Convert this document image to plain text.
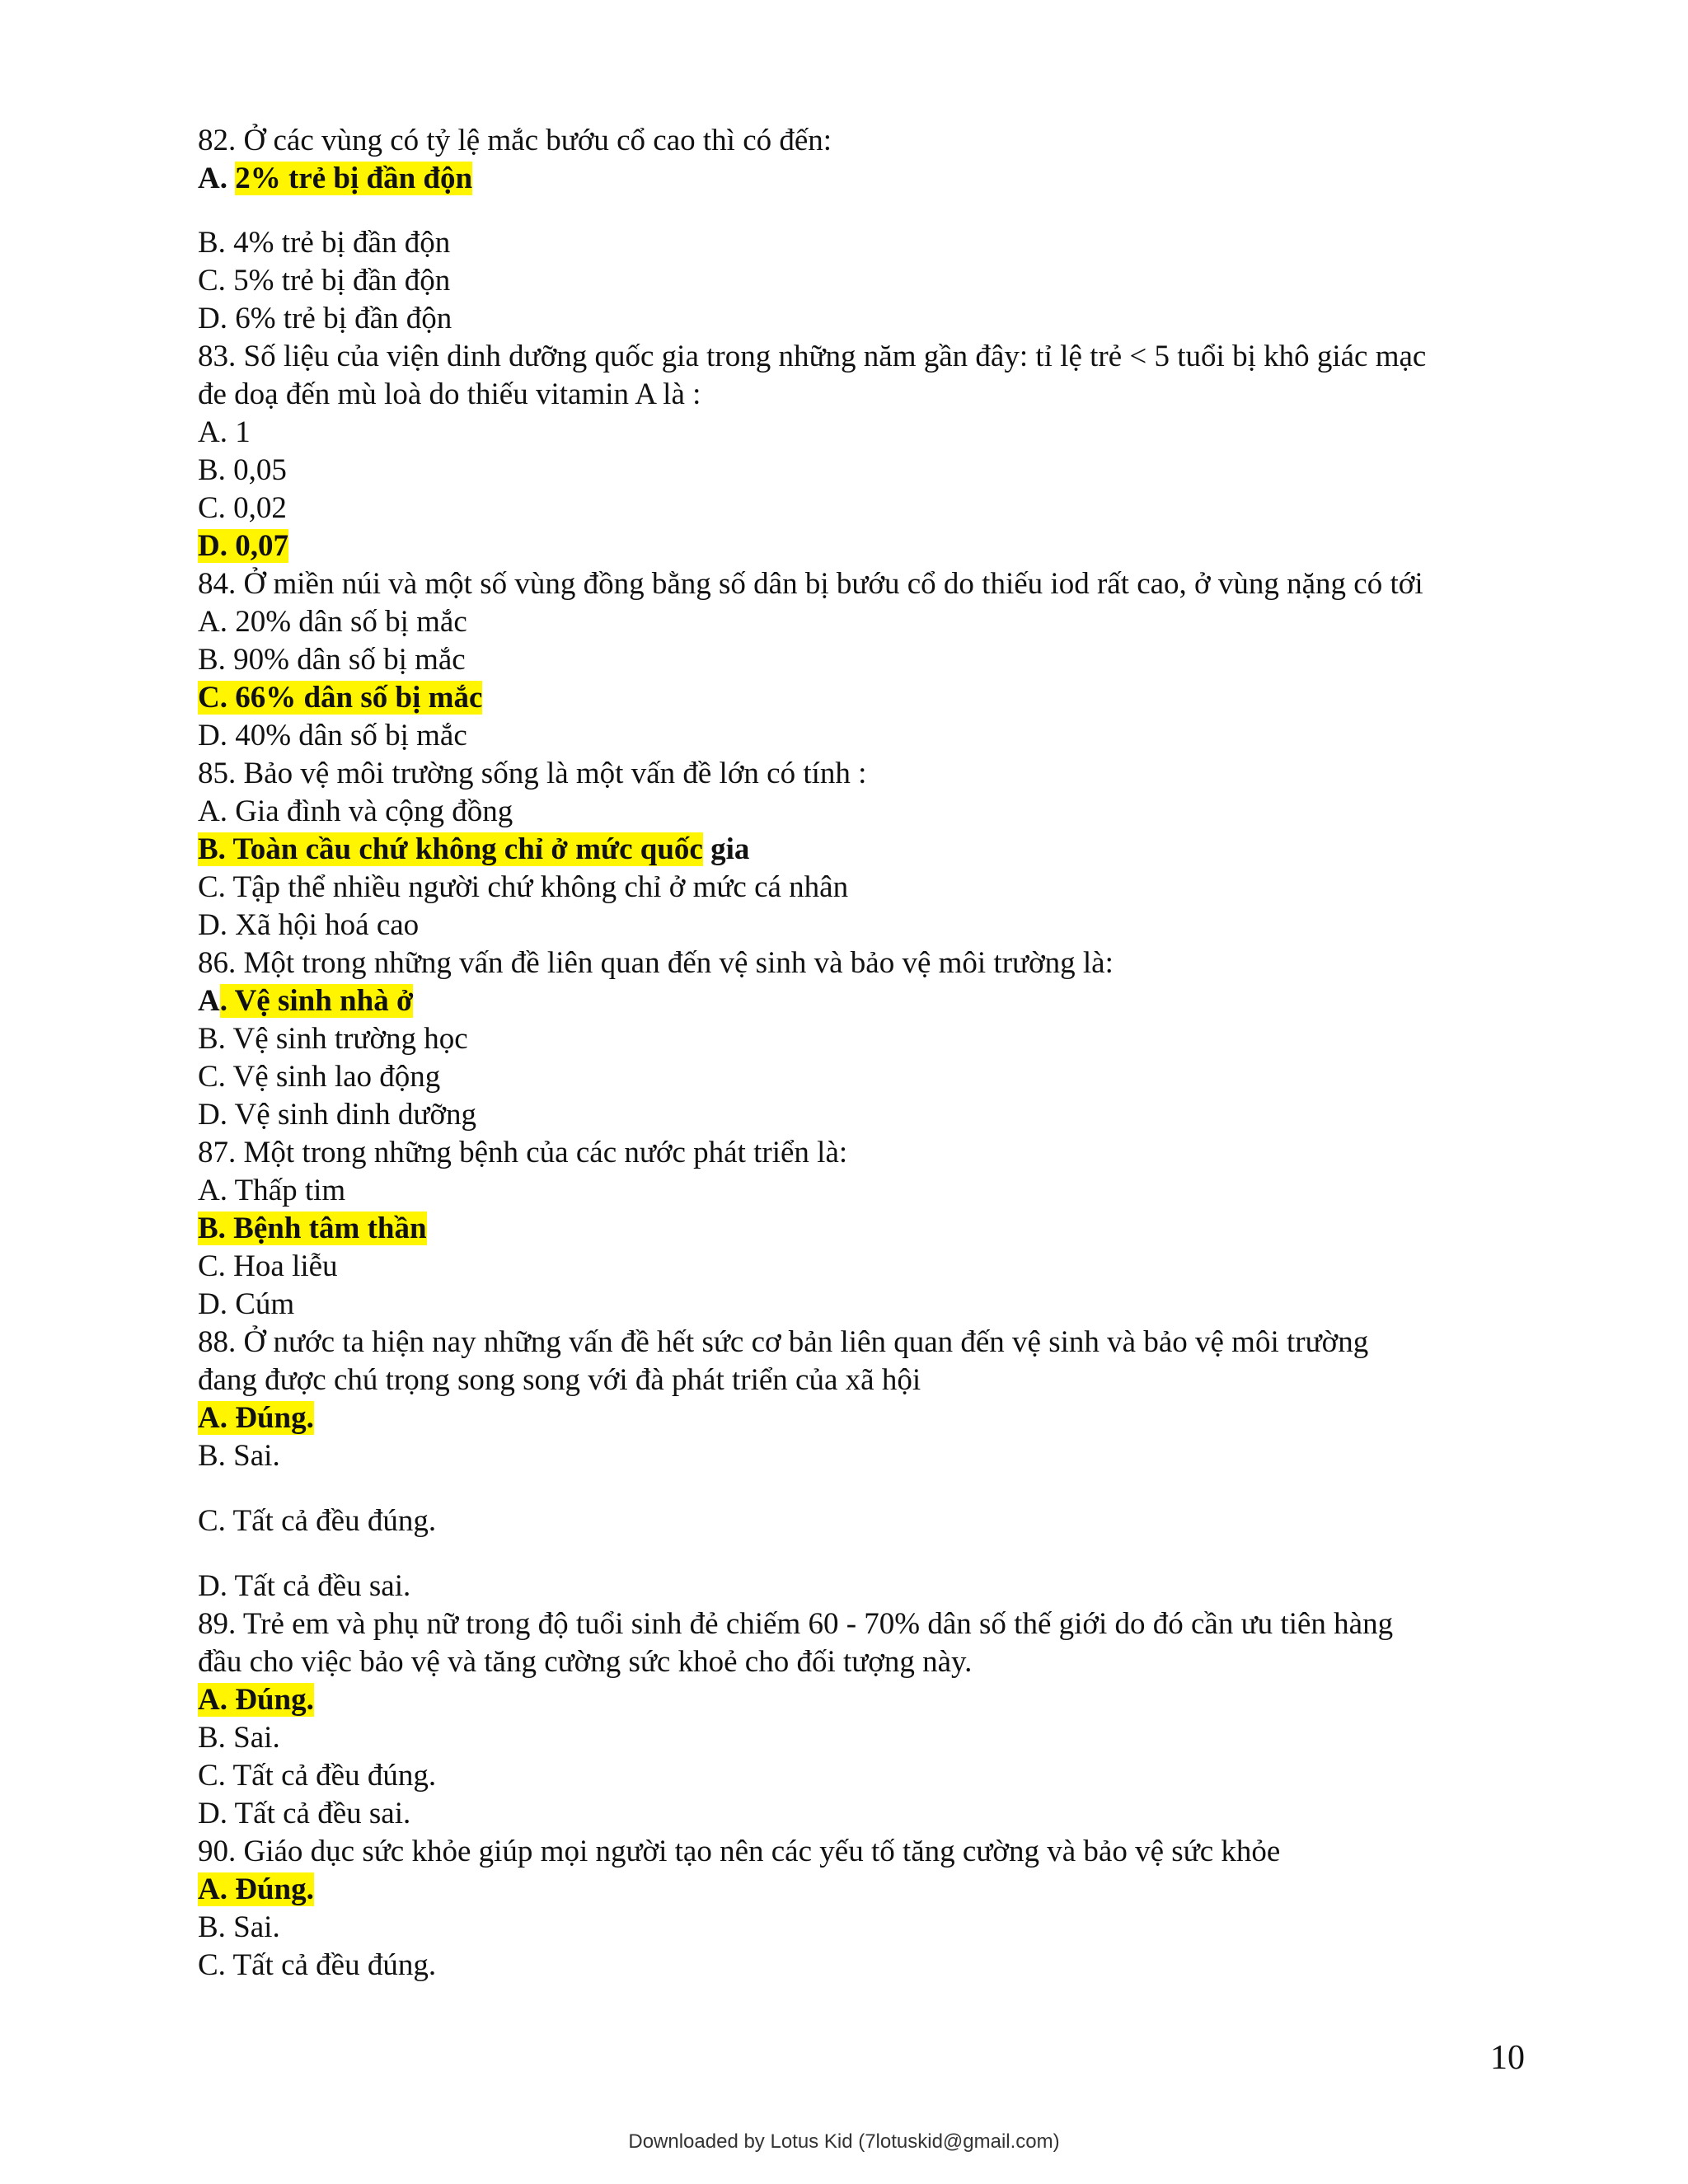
82. Ở các vùng có tỷ lệ mắc bướu cổ cao thì có đến:

A. 2% trẻ bị đần độn

B. 4% trẻ bị đần độn

C. 5% trẻ bị đần độn

D. 6% trẻ bị đần độn

83. Số liệu của viện dinh dưỡng quốc gia trong những năm gần đây: tỉ lệ trẻ < 5 tuổi bị khô giác mạc

đe doạ đến mù loà do thiếu vitamin A là :

A. 1

B. 0,05

C. 0,02

D. 0,07

84. Ở miền núi và một số vùng đồng bằng số dân bị bướu cổ do thiếu iod rất cao, ở vùng nặng có tới

A. 20% dân số bị mắc

B. 90% dân số bị mắc

C. 66% dân số bị mắc

D. 40% dân số bị mắc

85. Bảo vệ môi trường sống là một vấn đề lớn có tính :

A. Gia đình và cộng đồng

B. Toàn cầu chứ không chỉ ở mức quốc gia

C. Tập thể nhiều người chứ không chỉ ở mức cá nhân

D. Xã hội hoá cao

86. Một trong những vấn đề liên quan đến vệ sinh và bảo vệ môi trường là:

A. Vệ sinh nhà ở

B. Vệ sinh trường học

C. Vệ sinh lao động

D. Vệ sinh dinh dưỡng

87. Một trong những bệnh của các nước phát triển là:

A. Thấp tim

B. Bệnh tâm thần

C. Hoa liễu

D. Cúm

88. Ở nước ta hiện nay những vấn đề hết sức cơ bản liên quan đến vệ sinh và bảo vệ môi trường

đang được chú trọng song song với đà phát triển của xã hội

A. Đúng.

B. Sai.

C. Tất cả đều đúng.

D. Tất cả đều sai.

89. Trẻ em và phụ nữ trong độ tuổi sinh đẻ chiếm 60 - 70% dân số thế giới do đó cần ưu tiên hàng

đầu cho việc bảo vệ và tăng cường sức khoẻ cho đối tượng này.

A. Đúng.

B. Sai.

C. Tất cả đều đúng.

D. Tất cả đều sai.

90. Giáo dục sức khỏe giúp mọi người tạo nên các yếu tố tăng cường và bảo vệ sức khỏe

A. Đúng.

B. Sai.

C. Tất cả đều đúng.

10
Downloaded by Lotus Kid (7lotuskid@gmail.com)
